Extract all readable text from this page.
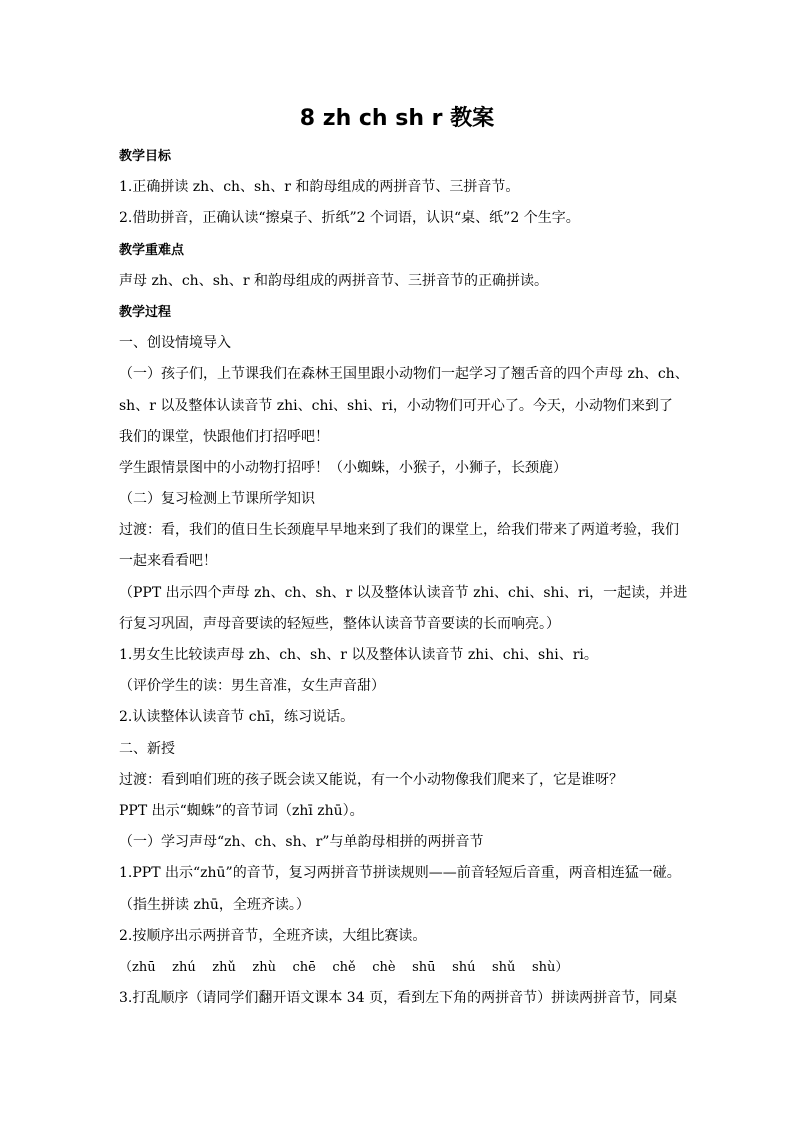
8 zh ch sh r 教案
教学目标
1.正确拼读 zh、ch、sh、r 和韵母组成的两拼音节、三拼音节。
2.借助拼音，正确认读“擦桌子、折纸”2 个词语，认识“桌、纸”2 个生字。
教学重难点
声母 zh、ch、sh、r 和韵母组成的两拼音节、三拼音节的正确拼读。
教学过程
一、创设情境导入
（一）孩子们，上节课我们在森林王国里跟小动物们一起学习了翘舌音的四个声母 zh、ch、
sh、r 以及整体认读音节 zhi、chi、shi、ri，小动物们可开心了。今天，小动物们来到了
我们的课堂，快跟他们打招呼吧！
学生跟情景图中的小动物打招呼！（小蜘蛛，小猴子，小狮子，长颈鹿）
（二）复习检测上节课所学知识
过渡：看，我们的值日生长颈鹿早早地来到了我们的课堂上，给我们带来了两道考验，我们
一起来看看吧！
（PPT 出示四个声母 zh、ch、sh、r 以及整体认读音节 zhi、chi、shi、ri，一起读，并进
行复习巩固，声母音要读的轻短些，整体认读音节音要读的长而响亮。）
1.男女生比较读声母 zh、ch、sh、r 以及整体认读音节 zhi、chi、shi、ri。
（评价学生的读：男生音准，女生声音甜）
2.认读整体认读音节 chī，练习说话。
二、新授
过渡：看到咱们班的孩子既会读又能说，有一个小动物像我们爬来了，它是谁呀？
PPT 出示“蜘蛛”的音节词（zhī zhū）。
（一）学习声母“zh、ch、sh、r”与单韵母相拼的两拼音节
1.PPT 出示“zhū”的音节，复习两拼音节拼读规则——前音轻短后音重，两音相连猛一碰。
（指生拼读 zhū，全班齐读。）
2.按顺序出示两拼音节，全班齐读，大组比赛读。
（zhū    zhú    zhǔ    zhù    chē    chě    chè    shū    shú    shǔ    shù）
3.打乱顺序（请同学们翻开语文课本 34 页，看到左下角的两拼音节）拼读两拼音节，同桌
